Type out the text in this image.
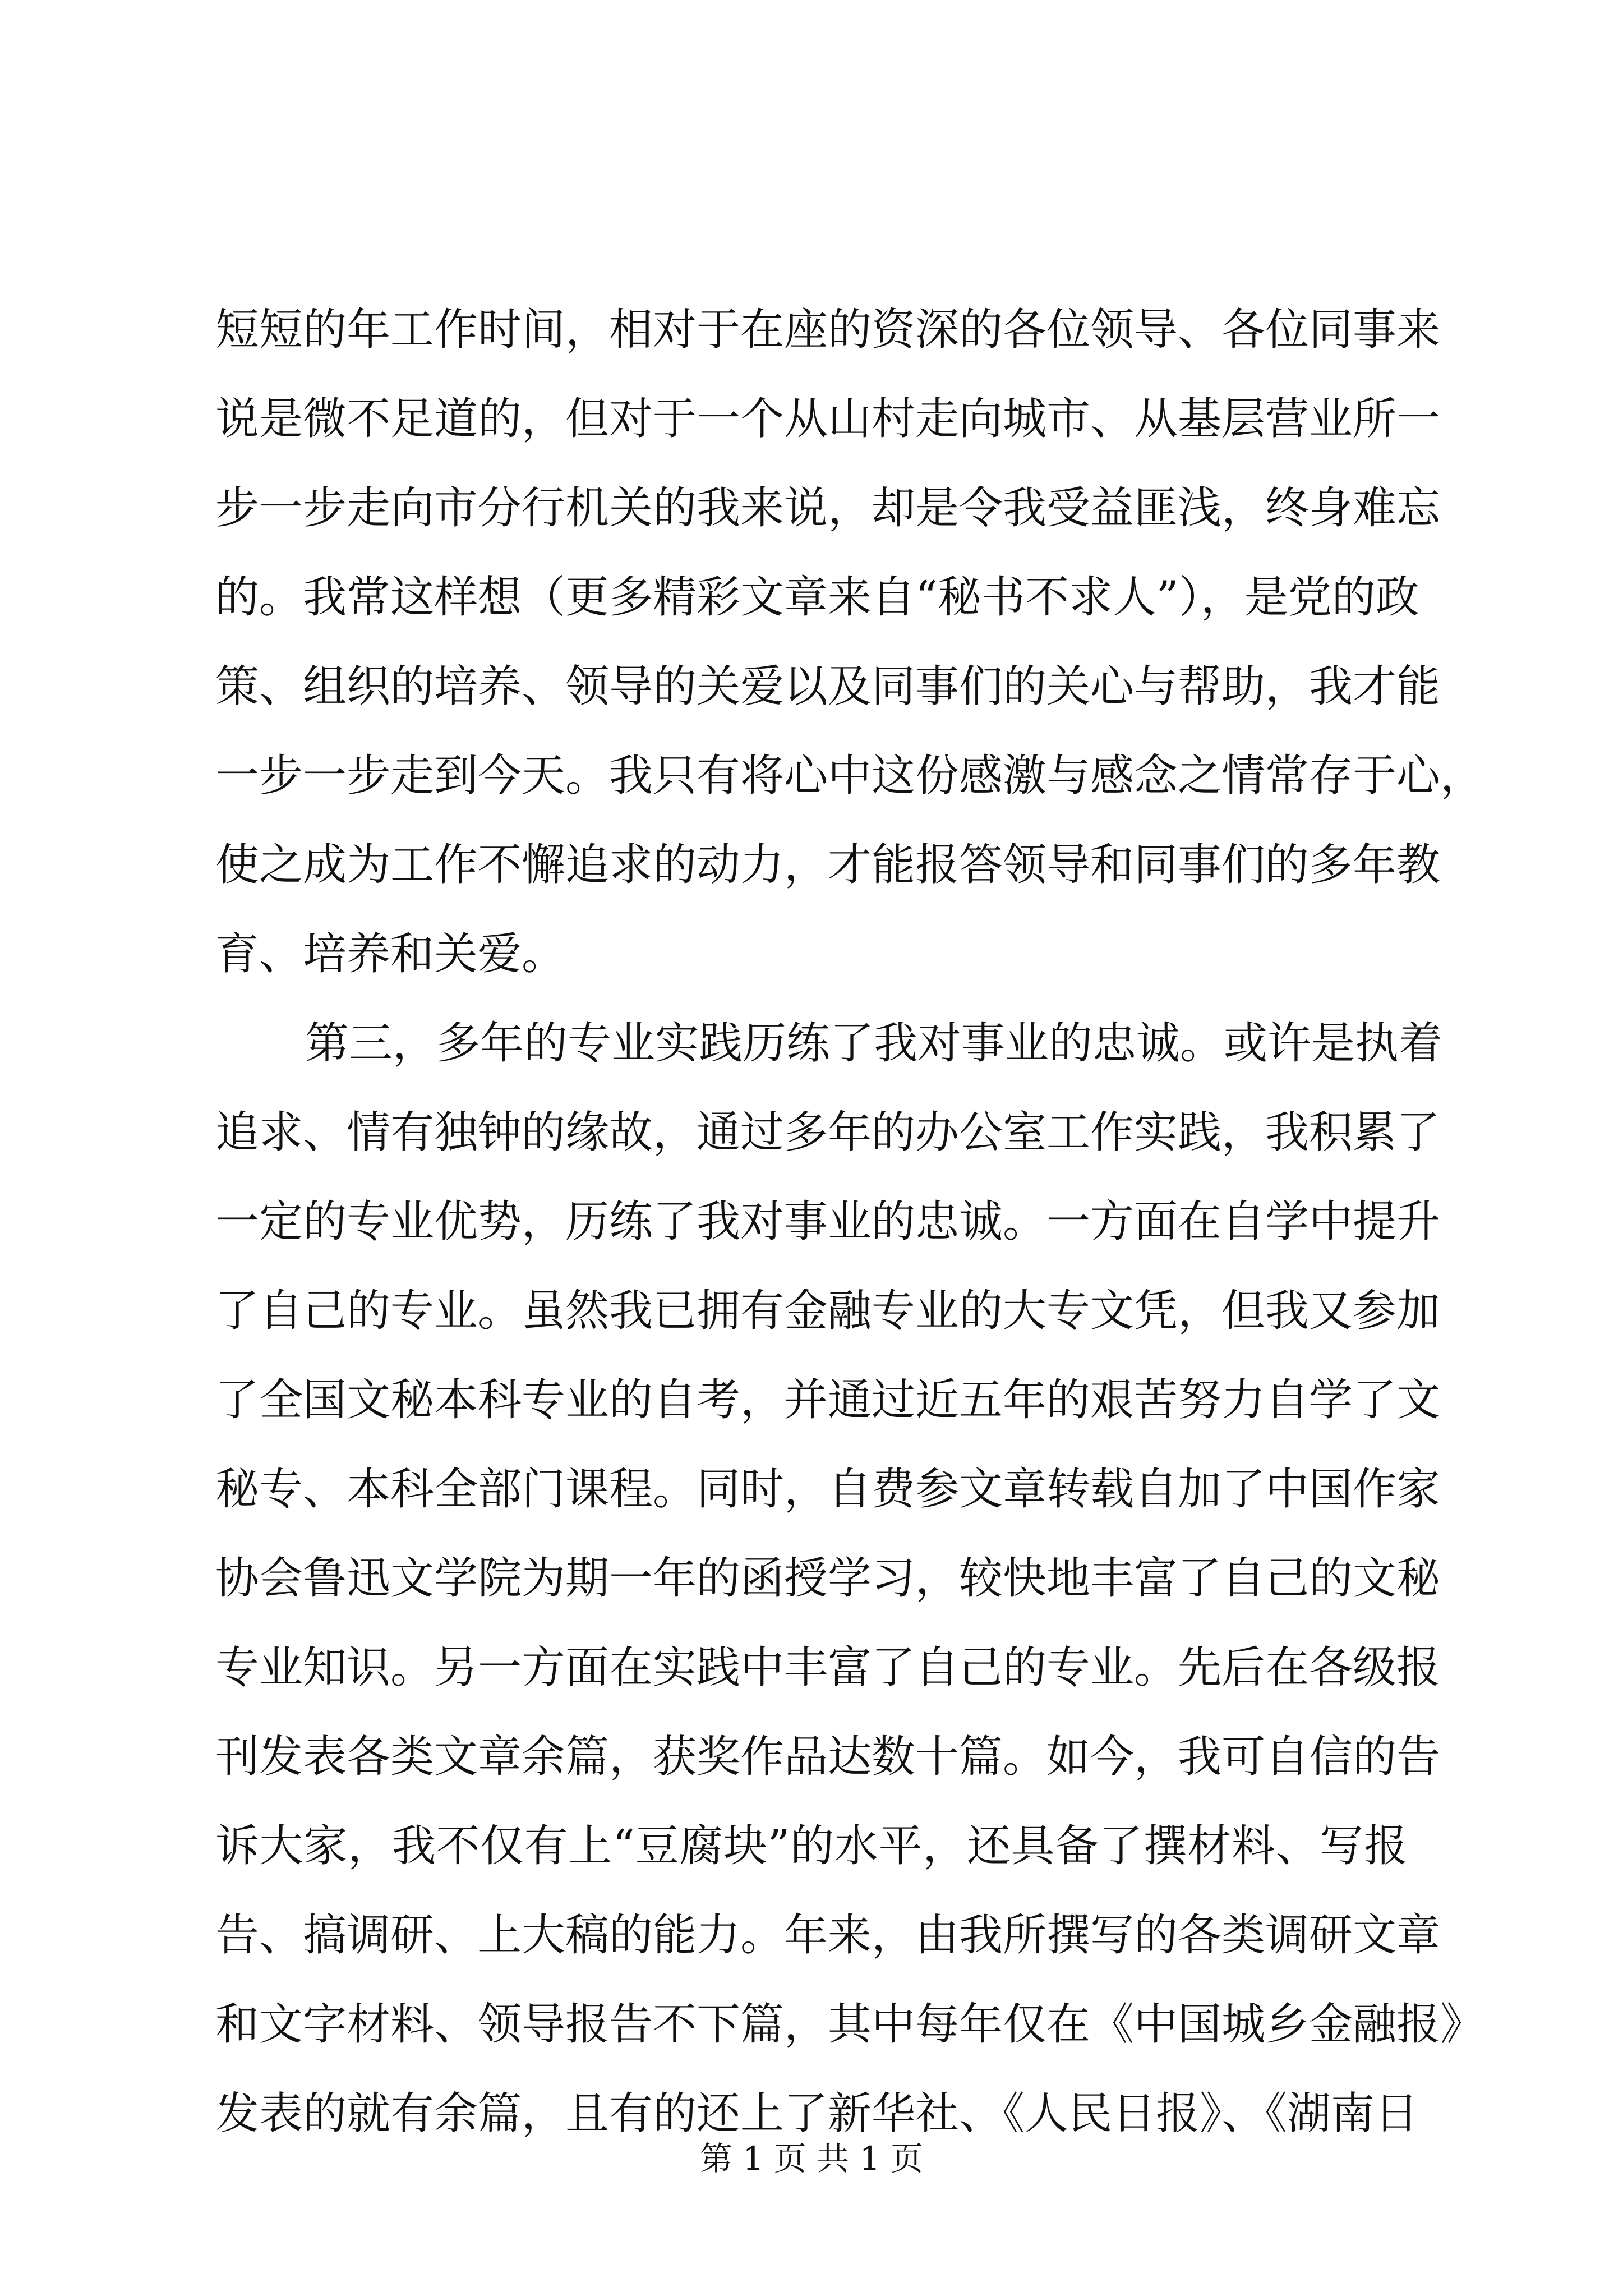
短短的年工作时间，相对于在座的资深的各位领导、各位同事来
说是微不足道的，但对于一个从山村走向城市、从基层营业所一
步一步走向市分行机关的我来说，却是令我受益匪浅，终身难忘
的。我常这样想（更多精彩文章来自“秘书不求人”），是党的政
策、组织的培养、领导的关爱以及同事们的关心与帮助，我才能
一步一步走到今天。我只有将心中这份感激与感念之情常存于心，
使之成为工作不懈追求的动力，才能报答领导和同事们的多年教
育、培养和关爱。
第三，多年的专业实践历练了我对事业的忠诚。或许是执着
追求、情有独钟的缘故，通过多年的办公室工作实践，我积累了
一定的专业优势，历练了我对事业的忠诚。一方面在自学中提升
了自己的专业。虽然我已拥有金融专业的大专文凭，但我又参加
了全国文秘本科专业的自考，并通过近五年的艰苦努力自学了文
秘专、本科全部门课程。同时，自费参文章转载自加了中国作家
协会鲁迅文学院为期一年的函授学习，较快地丰富了自己的文秘
专业知识。另一方面在实践中丰富了自己的专业。先后在各级报
刊发表各类文章余篇，获奖作品达数十篇。如今，我可自信的告
诉大家，我不仅有上“豆腐块”的水平，还具备了撰材料、写报
告、搞调研、上大稿的能力。年来，由我所撰写的各类调研文章
和文字材料、领导报告不下篇，其中每年仅在《中国城乡金融报》
发表的就有余篇，且有的还上了新华社、《人民日报》、《湖南日
第 1 页 共 1 页
